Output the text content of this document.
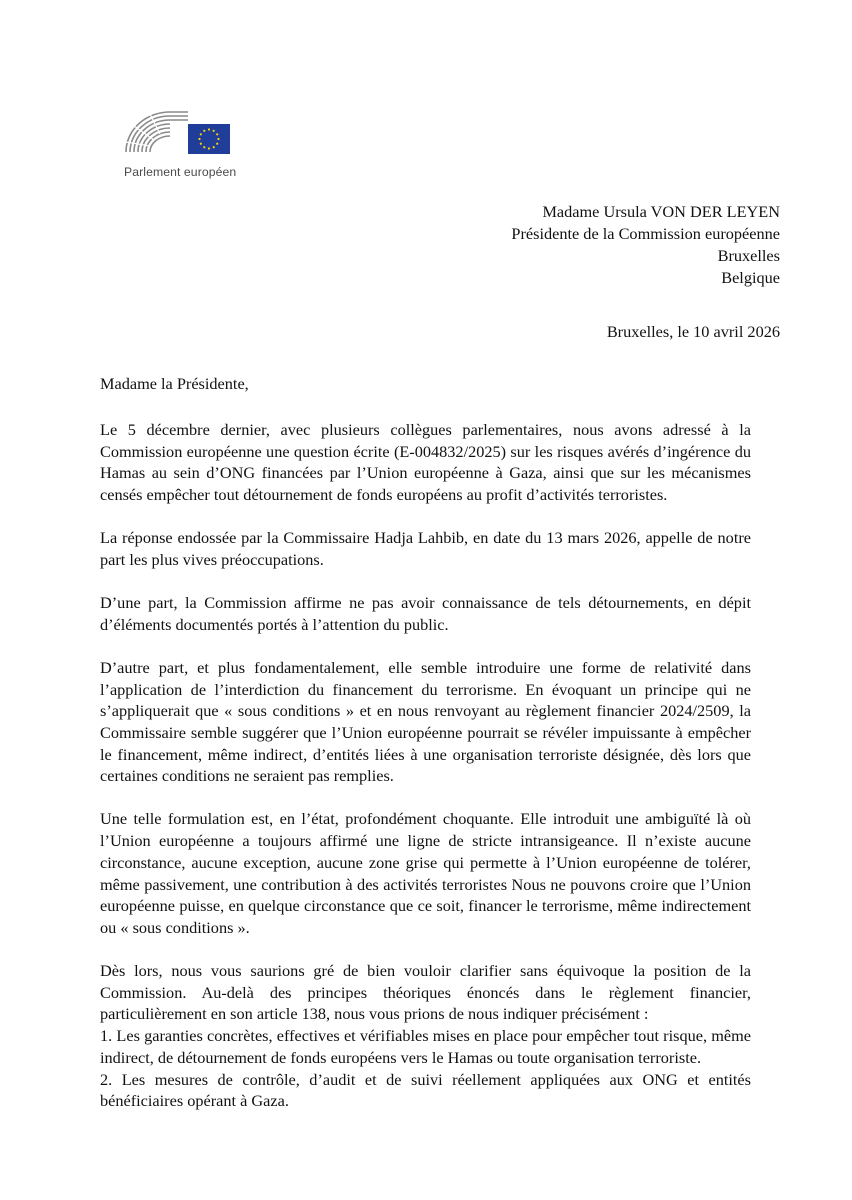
Parlement européen
Madame Ursula VON DER LEYEN
Présidente de la Commission européenne
Bruxelles
Belgique
Bruxelles, le 10 avril 2026
Madame la Présidente,

Le 5 décembre dernier, avec plusieurs collègues parlementaires, nous avons adressé à la Commission européenne une question écrite (E-004832/2025) sur les risques avérés d’ingérence du Hamas au sein d’ONG financées par l’Union européenne à Gaza, ainsi que sur les mécanismes censés empêcher tout détournement de fonds européens au profit d’activités terroristes.

La réponse endossée par la Commissaire Hadja Lahbib, en date du 13 mars 2026, appelle de notre part les plus vives préoccupations.

D’une part, la Commission affirme ne pas avoir connaissance de tels détournements, en dépit d’éléments documentés portés à l’attention du public.

D’autre part, et plus fondamentalement, elle semble introduire une forme de relativité dans l’application de l’interdiction du financement du terrorisme. En évoquant un principe qui ne s’appliquerait que « sous conditions » et en nous renvoyant au règlement financier 2024/2509, la Commissaire semble suggérer que l’Union européenne pourrait se révéler impuissante à empêcher le financement, même indirect, d’entités liées à une organisation terroriste désignée, dès lors que certaines conditions ne seraient pas remplies.

Une telle formulation est, en l’état, profondément choquante. Elle introduit une ambiguïté là où l’Union européenne a toujours affirmé une ligne de stricte intransigeance. Il n’existe aucune circonstance, aucune exception, aucune zone grise qui permette à l’Union européenne de tolérer, même passivement, une contribution à des activités terroristes Nous ne pouvons croire que l’Union européenne puisse, en quelque circonstance que ce soit, financer le terrorisme, même indirectement ou « sous conditions ».

Dès lors, nous vous saurions gré de bien vouloir clarifier sans équivoque la position de la Commission. Au-delà des principes théoriques énoncés dans le règlement financier, particulièrement en son article 138, nous vous prions de nous indiquer précisément :

1. Les garanties concrètes, effectives et vérifiables mises en place pour empêcher tout risque, même indirect, de détournement de fonds européens vers le Hamas ou toute organisation terroriste.

2. Les mesures de contrôle, d’audit et de suivi réellement appliquées aux ONG et entités bénéficiaires opérant à Gaza.
